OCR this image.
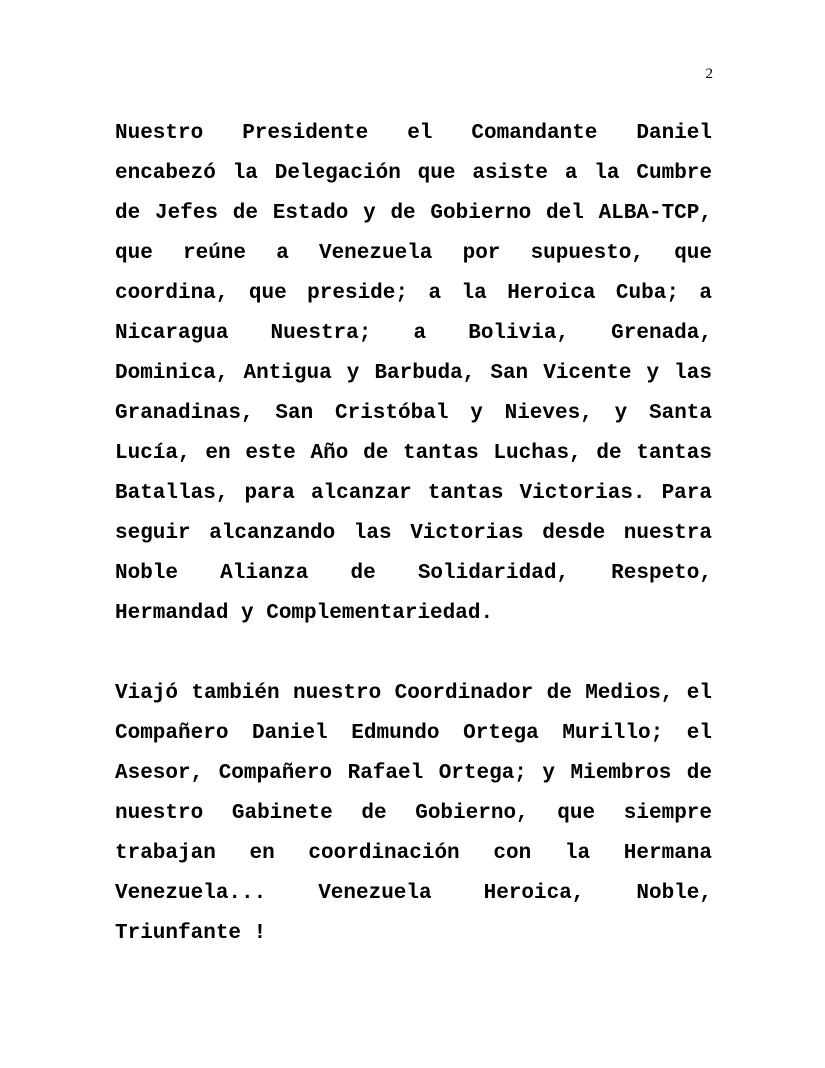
2

Nuestro Presidente el Comandante Daniel encabezó la Delegación que asiste a la Cumbre de Jefes de Estado y de Gobierno del ALBA-TCP, que reúne a Venezuela por supuesto, que coordina, que preside; a la Heroica Cuba; a Nicaragua Nuestra; a Bolivia, Grenada, Dominica, Antigua y Barbuda, San Vicente y las Granadinas, San Cristóbal y Nieves, y Santa Lucía, en este Año de tantas Luchas, de tantas Batallas, para alcanzar tantas Victorias. Para seguir alcanzando las Victorias desde nuestra Noble Alianza de Solidaridad, Respeto, Hermandad y Complementariedad.

Viajó también nuestro Coordinador de Medios, el Compañero Daniel Edmundo Ortega Murillo; el Asesor, Compañero Rafael Ortega; y Miembros de nuestro Gabinete de Gobierno, que siempre trabajan en coordinación con la Hermana Venezuela... Venezuela Heroica, Noble, Triunfante !
